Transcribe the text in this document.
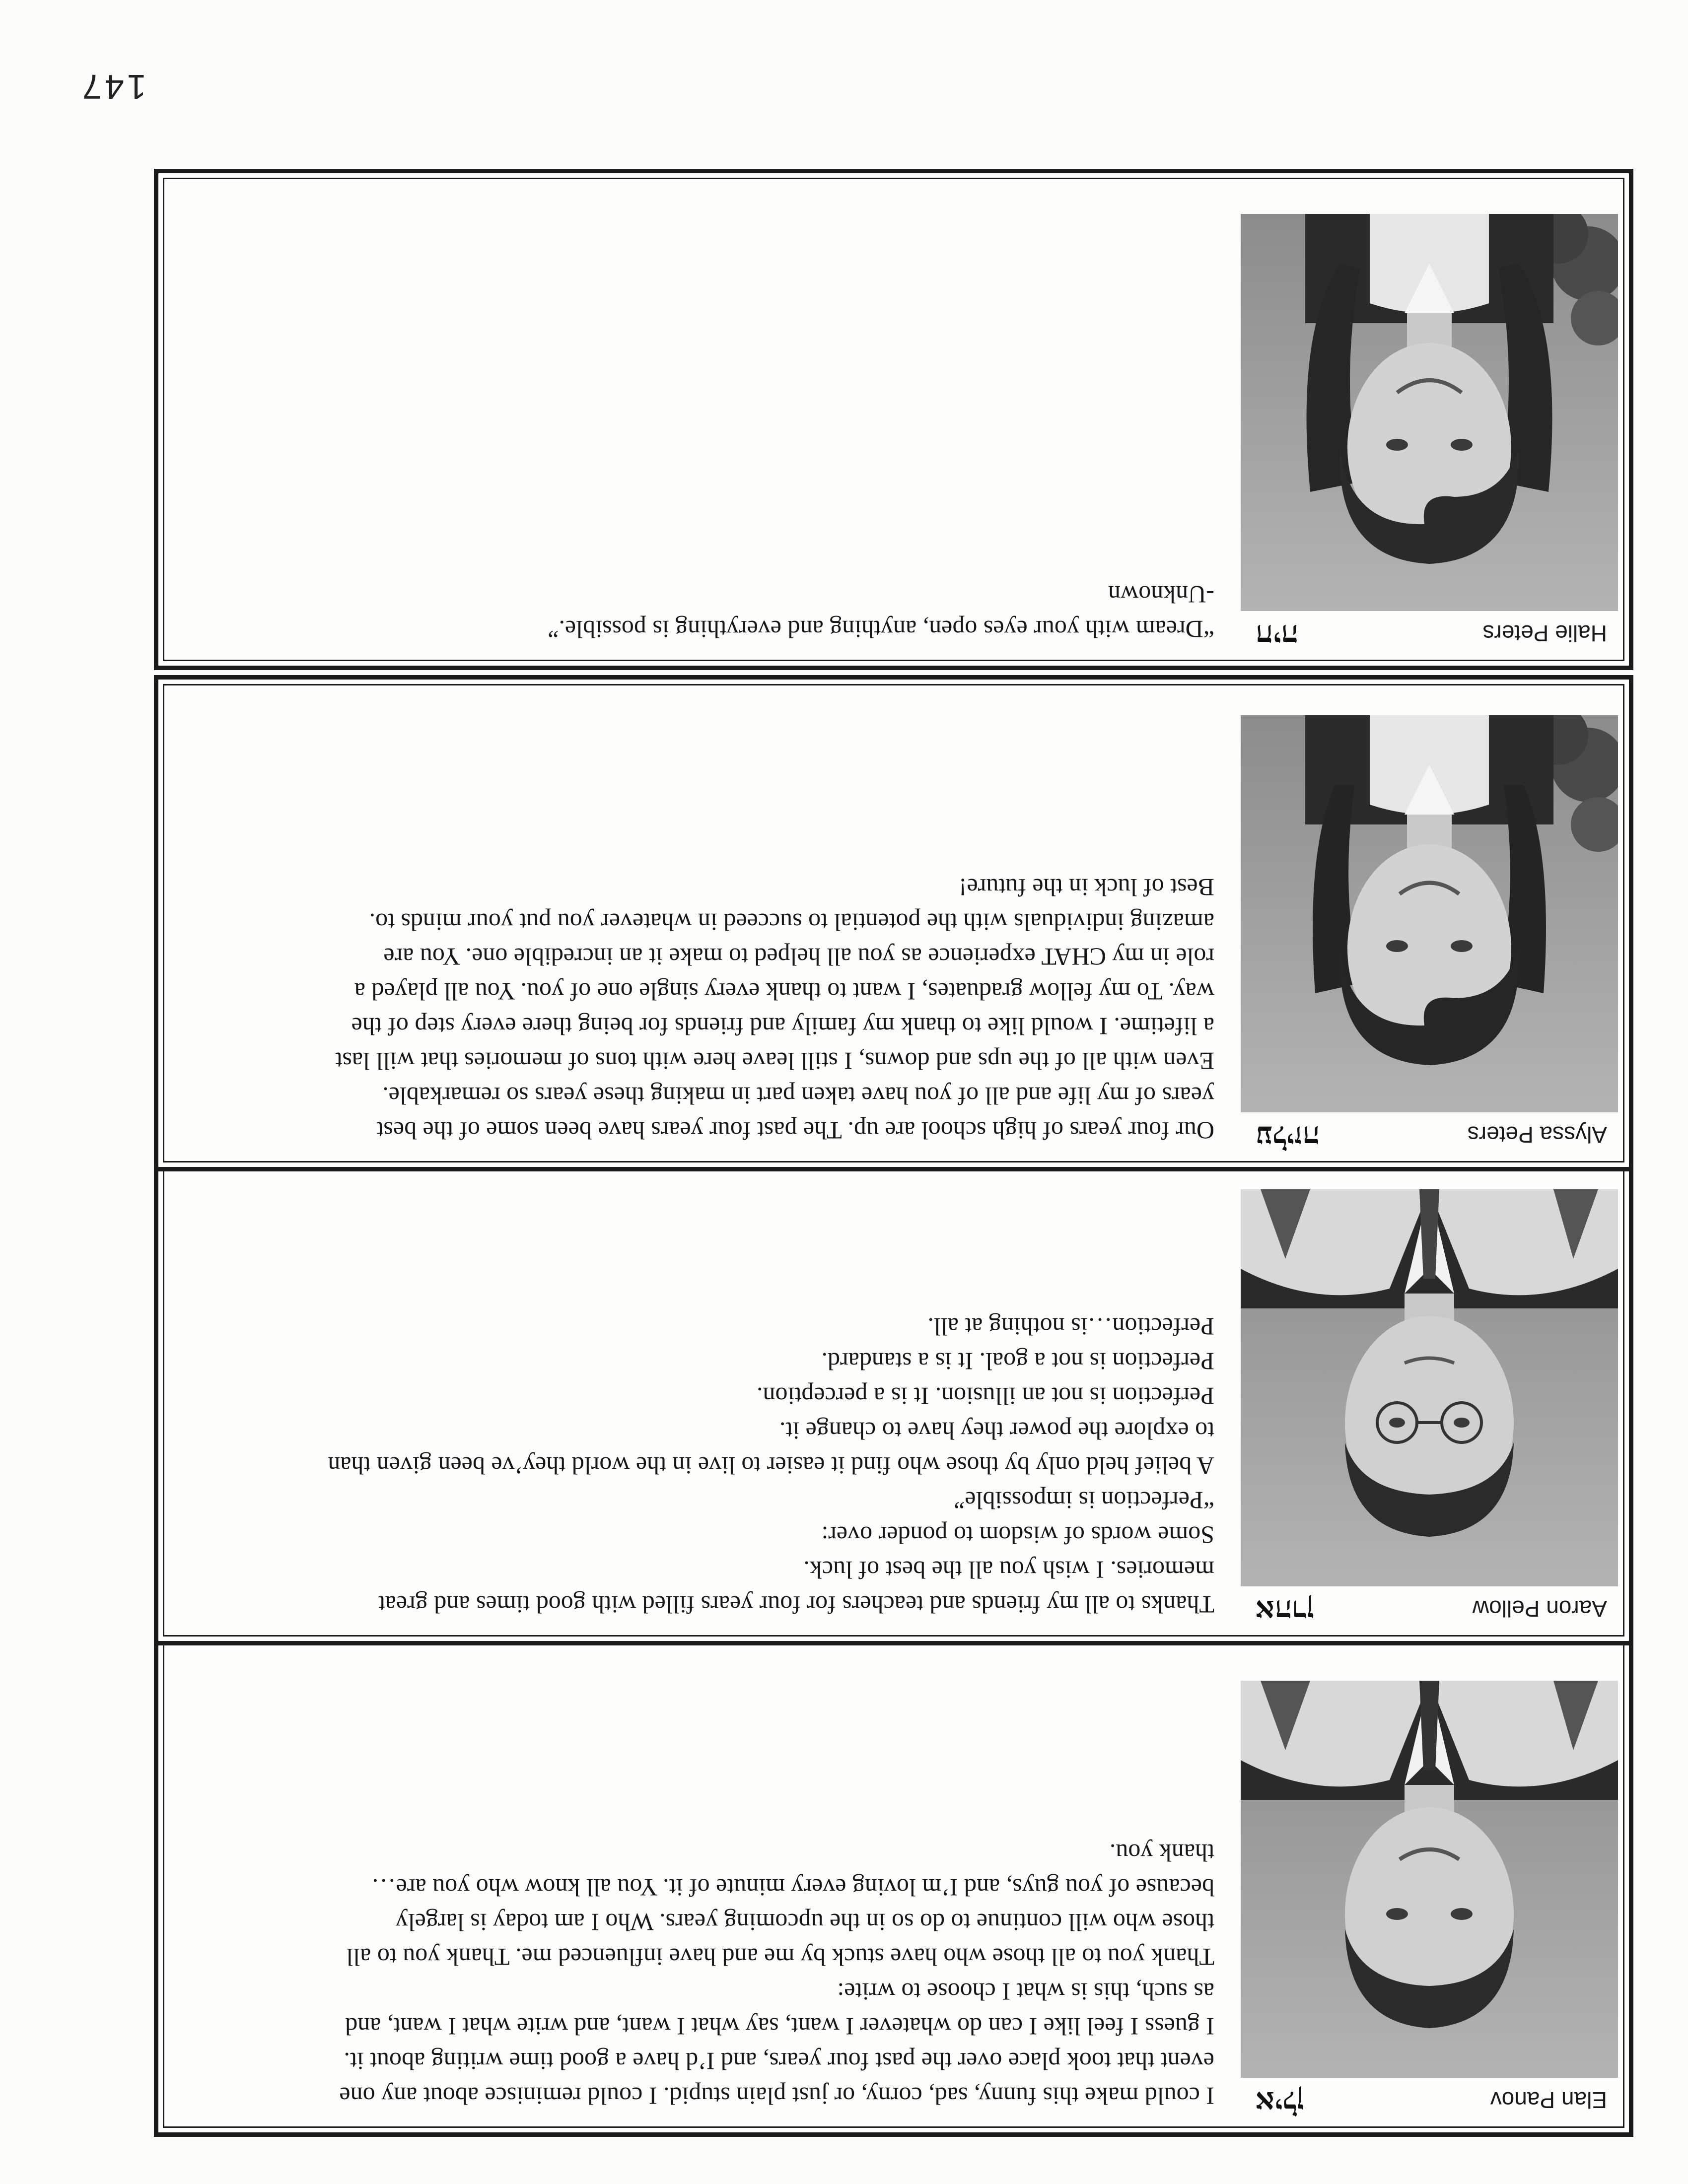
147
Elan Panov
אילן

I could make this funny, sad, corny, or just plain stupid. I could reminisce about any one

event that took place over the past four years, and I’d have a good time writing about it.

I guess I feel like I can do whatever I want, say what I want, and write what I want, and

as such, this is what I choose to write:

Thank you to all those who have stuck by me and have influenced me. Thank you to all

those who will continue to do so in the upcoming years. Who I am today is largely

because of you guys, and I’m loving every minute of it. You all know who you are…

thank you.

Aaron Pellow
אהרן

Thanks to all my friends and teachers for four years filled with good times and great

memories. I wish you all the best of luck.

Some words of wisdom to ponder over:

“Perfection is impossible”

A belief held only by those who find it easier to live in the world they’ve been given than

to explore the power they have to change it.

Perfection is not an illusion. It is a perception.

Perfection is not a goal. It is a standard.

Perfection…is nothing at all.

Alyssa Peters
עליזה

Our four years of high school are up. The past four years have been some of the best

years of my life and all of you have taken part in making these years so remarkable.

Even with all of the ups and downs, I still leave here with tons of memories that will last

a lifetime. I would like to thank my family and friends for being there every step of the

way. To my fellow graduates, I want to thank every single one of you. You all played a

role in my CHAT experience as you all helped to make it an incredible one. You are

amazing individuals with the potential to succeed in whatever you put your minds to.

Best of luck in the future!

Halie Peters
חיה

“Dream with your eyes open, anything and everything is possible.”

-Unknown
